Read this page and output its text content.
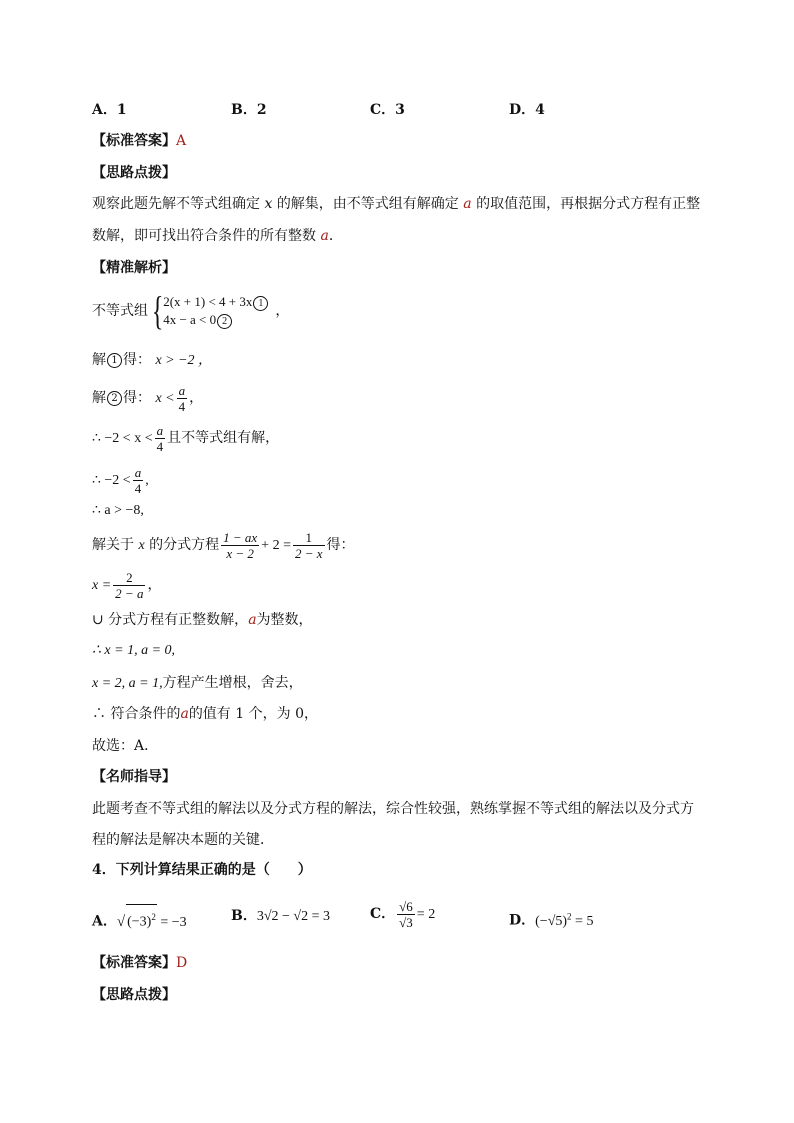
A．1	B．2	C．3	D．4
【标准答案】A
【思路点拨】
观察此题先解不等式组确定 x 的解集，由不等式组有解确定 a 的取值范围，再根据分式方程有正整
数解，即可找出符合条件的所有整数 a．
【精准解析】
不等式组{ 2(x + 1) < 4 + 3x 1
4x − a < 0 2
，
解 1 得： x > −2 ，
解 2 得： $x < \frac{a}{4}$ ，
∴ $-2 < x < \frac{a}{4}$ 且不等式组有解，
∴ $-2 < \frac{a}{4}$ ,
∴ a > −8,
解关于 x 的分式方程 $\frac{1 - ax}{x - 2} + 2 = \frac{1}{2 - x}$ 得：
$x = \frac{2}{2 - a}$ ，
∪ 分式方程有正整数解，a为整数，
∴ x = 1, a = 0,
x = 2, a = 1,方程产生增根，舍去，
∴ 符合条件的a的值有 1 个，为 0，
故选：A．
【名师指导】
此题考查不等式组的解法以及分式方程的解法，综合性较强，熟练掌握不等式组的解法以及分式方
程的解法是解决本题的关键．
4．下列计算结果正确的是（　　）
A．√ $(-3)^2 = -3$	B．3√2 − √2 = 3	C． $\frac{√6}{√3} = 2$	D．$(-√5)^2 = 5$
【标准答案】D
【思路点拨】
